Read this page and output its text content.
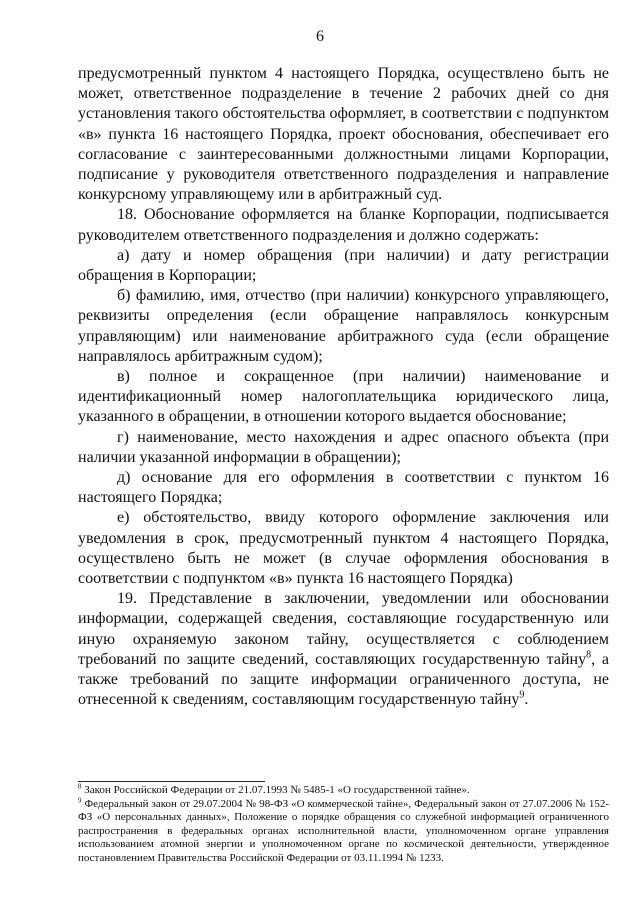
6

предусмотренный пунктом 4 настоящего Порядка, осуществлено быть не может, ответственное подразделение в течение 2 рабочих дней со дня установления такого обстоятельства оформляет, в соответствии с подпунктом «в» пункта 16 настоящего Порядка, проект обоснования, обеспечивает его согласование с заинтересованными должностными лицами Корпорации, подписание у руководителя ответственного подразделения и направление конкурсному управляющему или в арбитражный суд.

18. Обоснование оформляется на бланке Корпорации, подписывается руководителем ответственного подразделения и должно содержать:

а) дату и номер обращения (при наличии) и дату регистрации обращения в Корпорации;

б) фамилию, имя, отчество (при наличии) конкурсного управляющего, реквизиты определения (если обращение направлялось конкурсным управляющим) или наименование арбитражного суда (если обращение направлялось арбитражным судом);

в) полное и сокращенное (при наличии) наименование и идентификационный номер налогоплательщика юридического лица, указанного в обращении, в отношении которого выдается обоснование;

г) наименование, место нахождения и адрес опасного объекта (при наличии указанной информации в обращении);

д) основание для его оформления в соответствии с пунктом 16 настоящего Порядка;

е) обстоятельство, ввиду которого оформление заключения или уведомления в срок, предусмотренный пунктом 4 настоящего Порядка, осуществлено быть не может (в случае оформления обоснования в соответствии с подпунктом «в» пункта 16 настоящего Порядка)

19. Представление в заключении, уведомлении или обосновании информации, содержащей сведения, составляющие государственную или иную охраняемую законом тайну, осуществляется с соблюдением требований по защите сведений, составляющих государственную тайну$^8$, а также требований по защите информации ограниченного доступа, не отнесенной к сведениям, составляющим государственную тайну$^9$.

$^8$ Закон Российской Федерации от 21.07.1993 № 5485-1 «О государственной тайне».

$^9$ Федеральный закон от 29.07.2004 № 98-ФЗ «О коммерческой тайне», Федеральный закон от 27.07.2006 № 152-ФЗ «О персональных данных», Положение о порядке обращения со служебной информацией ограниченного распространения в федеральных органах исполнительной власти, уполномоченном органе управления использованием атомной энергии и уполномоченном органе по космической деятельности, утвержденное постановлением Правительства Российской Федерации от 03.11.1994 № 1233.
